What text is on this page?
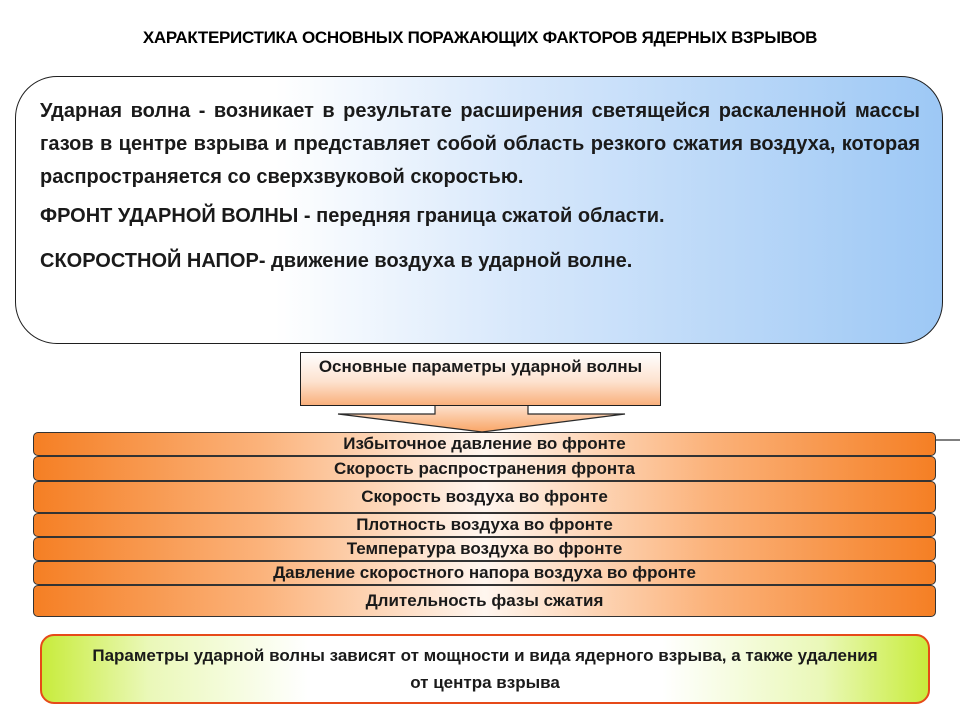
ХАРАКТЕРИСТИКА ОСНОВНЫХ ПОРАЖАЮЩИХ ФАКТОРОВ ЯДЕРНЫХ ВЗРЫВОВ

Ударная волна - возникает в результате расширения светящейся раскаленной массы газов в центре взрыва и представляет собой область резкого сжатия воздуха, которая распространяется со сверхзвуковой скоростью.

ФРОНТ УДАРНОЙ ВОЛНЫ - передняя граница сжатой области.

СКОРОСТНОЙ НАПОР- движение воздуха в ударной волне.

Основные параметры ударной волны
Избыточное давление во фронте
Скорость распространения фронта
Скорость воздуха во фронте
Плотность воздуха во фронте
Температура воздуха во фронте
Давление скоростного напора воздуха во фронте
Длительность фазы сжатия
Параметры ударной волны зависят от мощности и вида ядерного взрыва, а также удаления от центра взрыва
